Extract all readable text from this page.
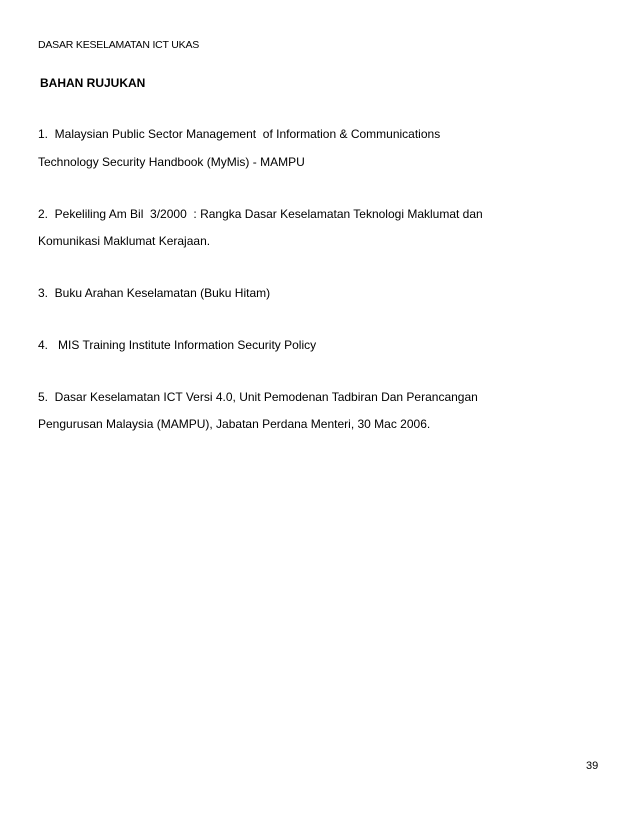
DASAR KESELAMATAN ICT UKAS
BAHAN RUJUKAN
1.  Malaysian Public Sector Management  of Information & Communications
Technology Security Handbook (MyMis) - MAMPU
2.  Pekeliling Am Bil  3/2000  : Rangka Dasar Keselamatan Teknologi Maklumat dan
Komunikasi Maklumat Kerajaan.
3.  Buku Arahan Keselamatan (Buku Hitam)
4.   MIS Training Institute Information Security Policy
5.  Dasar Keselamatan ICT Versi 4.0, Unit Pemodenan Tadbiran Dan Perancangan
Pengurusan Malaysia (MAMPU), Jabatan Perdana Menteri, 30 Mac 2006.
39
